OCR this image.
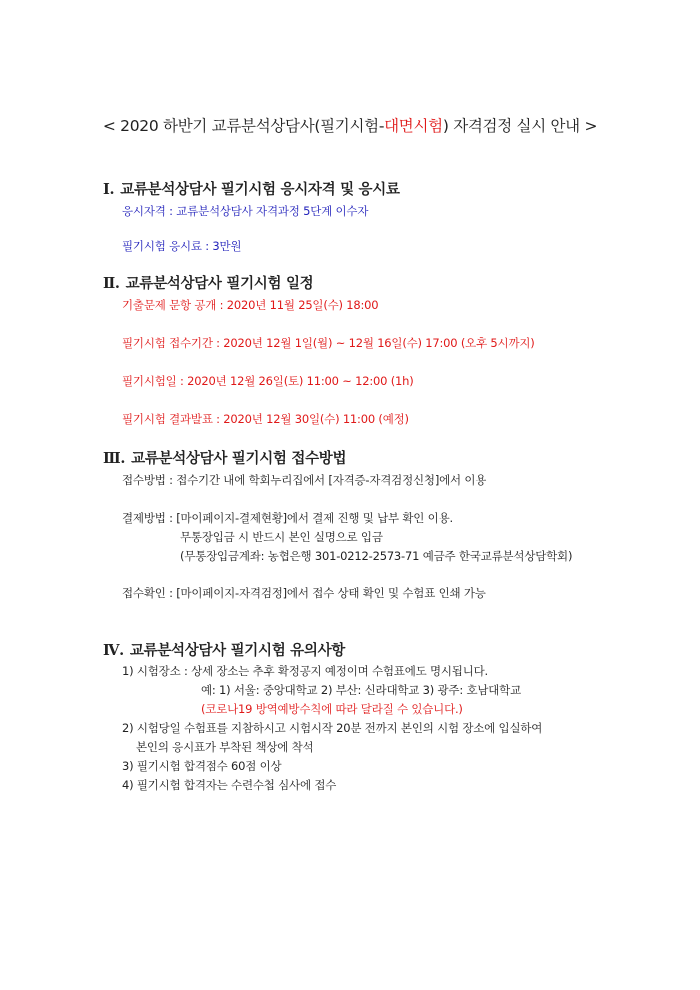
< 2020 하반기 교류분석상담사(필기시험-대면시험) 자격검정 실시 안내 >
Ⅰ. 교류분석상담사 필기시험 응시자격 및 응시료
응시자격 : 교류분석상담사 자격과정 5단계 이수자
필기시험 응시료 : 3만원
Ⅱ. 교류분석상담사 필기시험 일정
기출문제 문항 공개 : 2020년 11월 25일(수) 18:00
필기시험 접수기간 : 2020년 12월 1일(월) ~ 12월 16일(수) 17:00 (오후 5시까지)
필기시험일 : 2020년 12월 26일(토) 11:00 ~ 12:00 (1h)
필기시험 결과발표 : 2020년 12월 30일(수) 11:00 (예정)
Ⅲ. 교류분석상담사 필기시험 접수방법
접수방법 : 접수기간 내에 학회누리집에서 [자격증-자격검정신청]에서 이용
결제방법 : [마이페이지-결제현황]에서 결제 진행 및 납부 확인 이용.
무통장입금 시 반드시 본인 실명으로 입금
(무통장입금계좌: 농협은행 301-0212-2573-71 예금주 한국교류분석상담학회)
접수확인 : [마이페이지-자격검정]에서 접수 상태 확인 및 수험표 인쇄 가능
Ⅳ. 교류분석상담사 필기시험 유의사항
1) 시험장소 : 상세 장소는 추후 확정공지 예정이며 수험표에도 명시됩니다.
예: 1) 서울: 중앙대학교 2) 부산: 신라대학교 3) 광주: 호남대학교
(코로나19 방역예방수칙에 따라 달라질 수 있습니다.)
2) 시험당일 수험표를 지참하시고 시험시작 20분 전까지 본인의 시험 장소에 입실하여
본인의 응시표가 부착된 책상에 착석
3) 필기시험 합격점수 60점 이상
4) 필기시험 합격자는 수련수첩 심사에 접수
